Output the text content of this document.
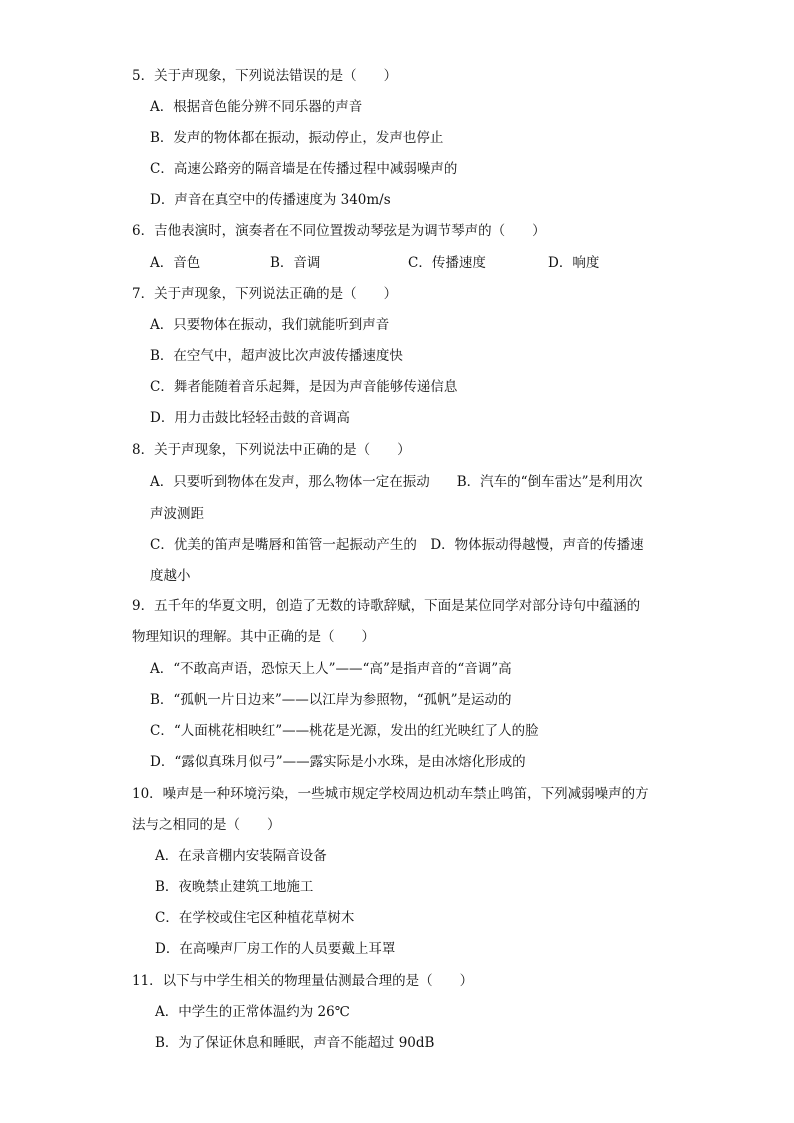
5．关于声现象，下列说法错误的是（　　）
A．根据音色能分辨不同乐器的声音
B．发声的物体都在振动，振动停止，发声也停止
C．高速公路旁的隔音墙是在传播过程中减弱噪声的
D．声音在真空中的传播速度为 340m/s
6．吉他表演时，演奏者在不同位置拨动琴弦是为调节琴声的（　　）
A．音色	B．音调	C．传播速度	D．响度
7．关于声现象，下列说法正确的是（　　）
A．只要物体在振动，我们就能听到声音
B．在空气中，超声波比次声波传播速度快
C．舞者能随着音乐起舞，是因为声音能够传递信息
D．用力击鼓比轻轻击鼓的音调高
8．关于声现象，下列说法中正确的是（　　）
A．只要听到物体在发声，那么物体一定在振动　　B．汽车的“倒车雷达”是利用次
声波测距
C．优美的笛声是嘴唇和笛管一起振动产生的　D．物体振动得越慢，声音的传播速
度越小
9．五千年的华夏文明，创造了无数的诗歌辞赋，下面是某位同学对部分诗句中蕴涵的
物理知识的理解。其中正确的是（　　）
A．“不敢高声语，恐惊天上人”——“高”是指声音的“音调”高
B．“孤帆一片日边来”——以江岸为参照物，“孤帆”是运动的
C．“人面桃花相映红”——桃花是光源，发出的红光映红了人的脸
D．“露似真珠月似弓”——露实际是小水珠，是由冰熔化形成的
10．噪声是一种环境污染，一些城市规定学校周边机动车禁止鸣笛，下列减弱噪声的方
法与之相同的是（　　）
A．在录音棚内安装隔音设备
B．夜晚禁止建筑工地施工
C．在学校或住宅区种植花草树木
D．在高噪声厂房工作的人员要戴上耳罩
11．以下与中学生相关的物理量估测最合理的是（　　）
A．中学生的正常体温约为 26℃
B．为了保证休息和睡眠，声音不能超过 90dB
